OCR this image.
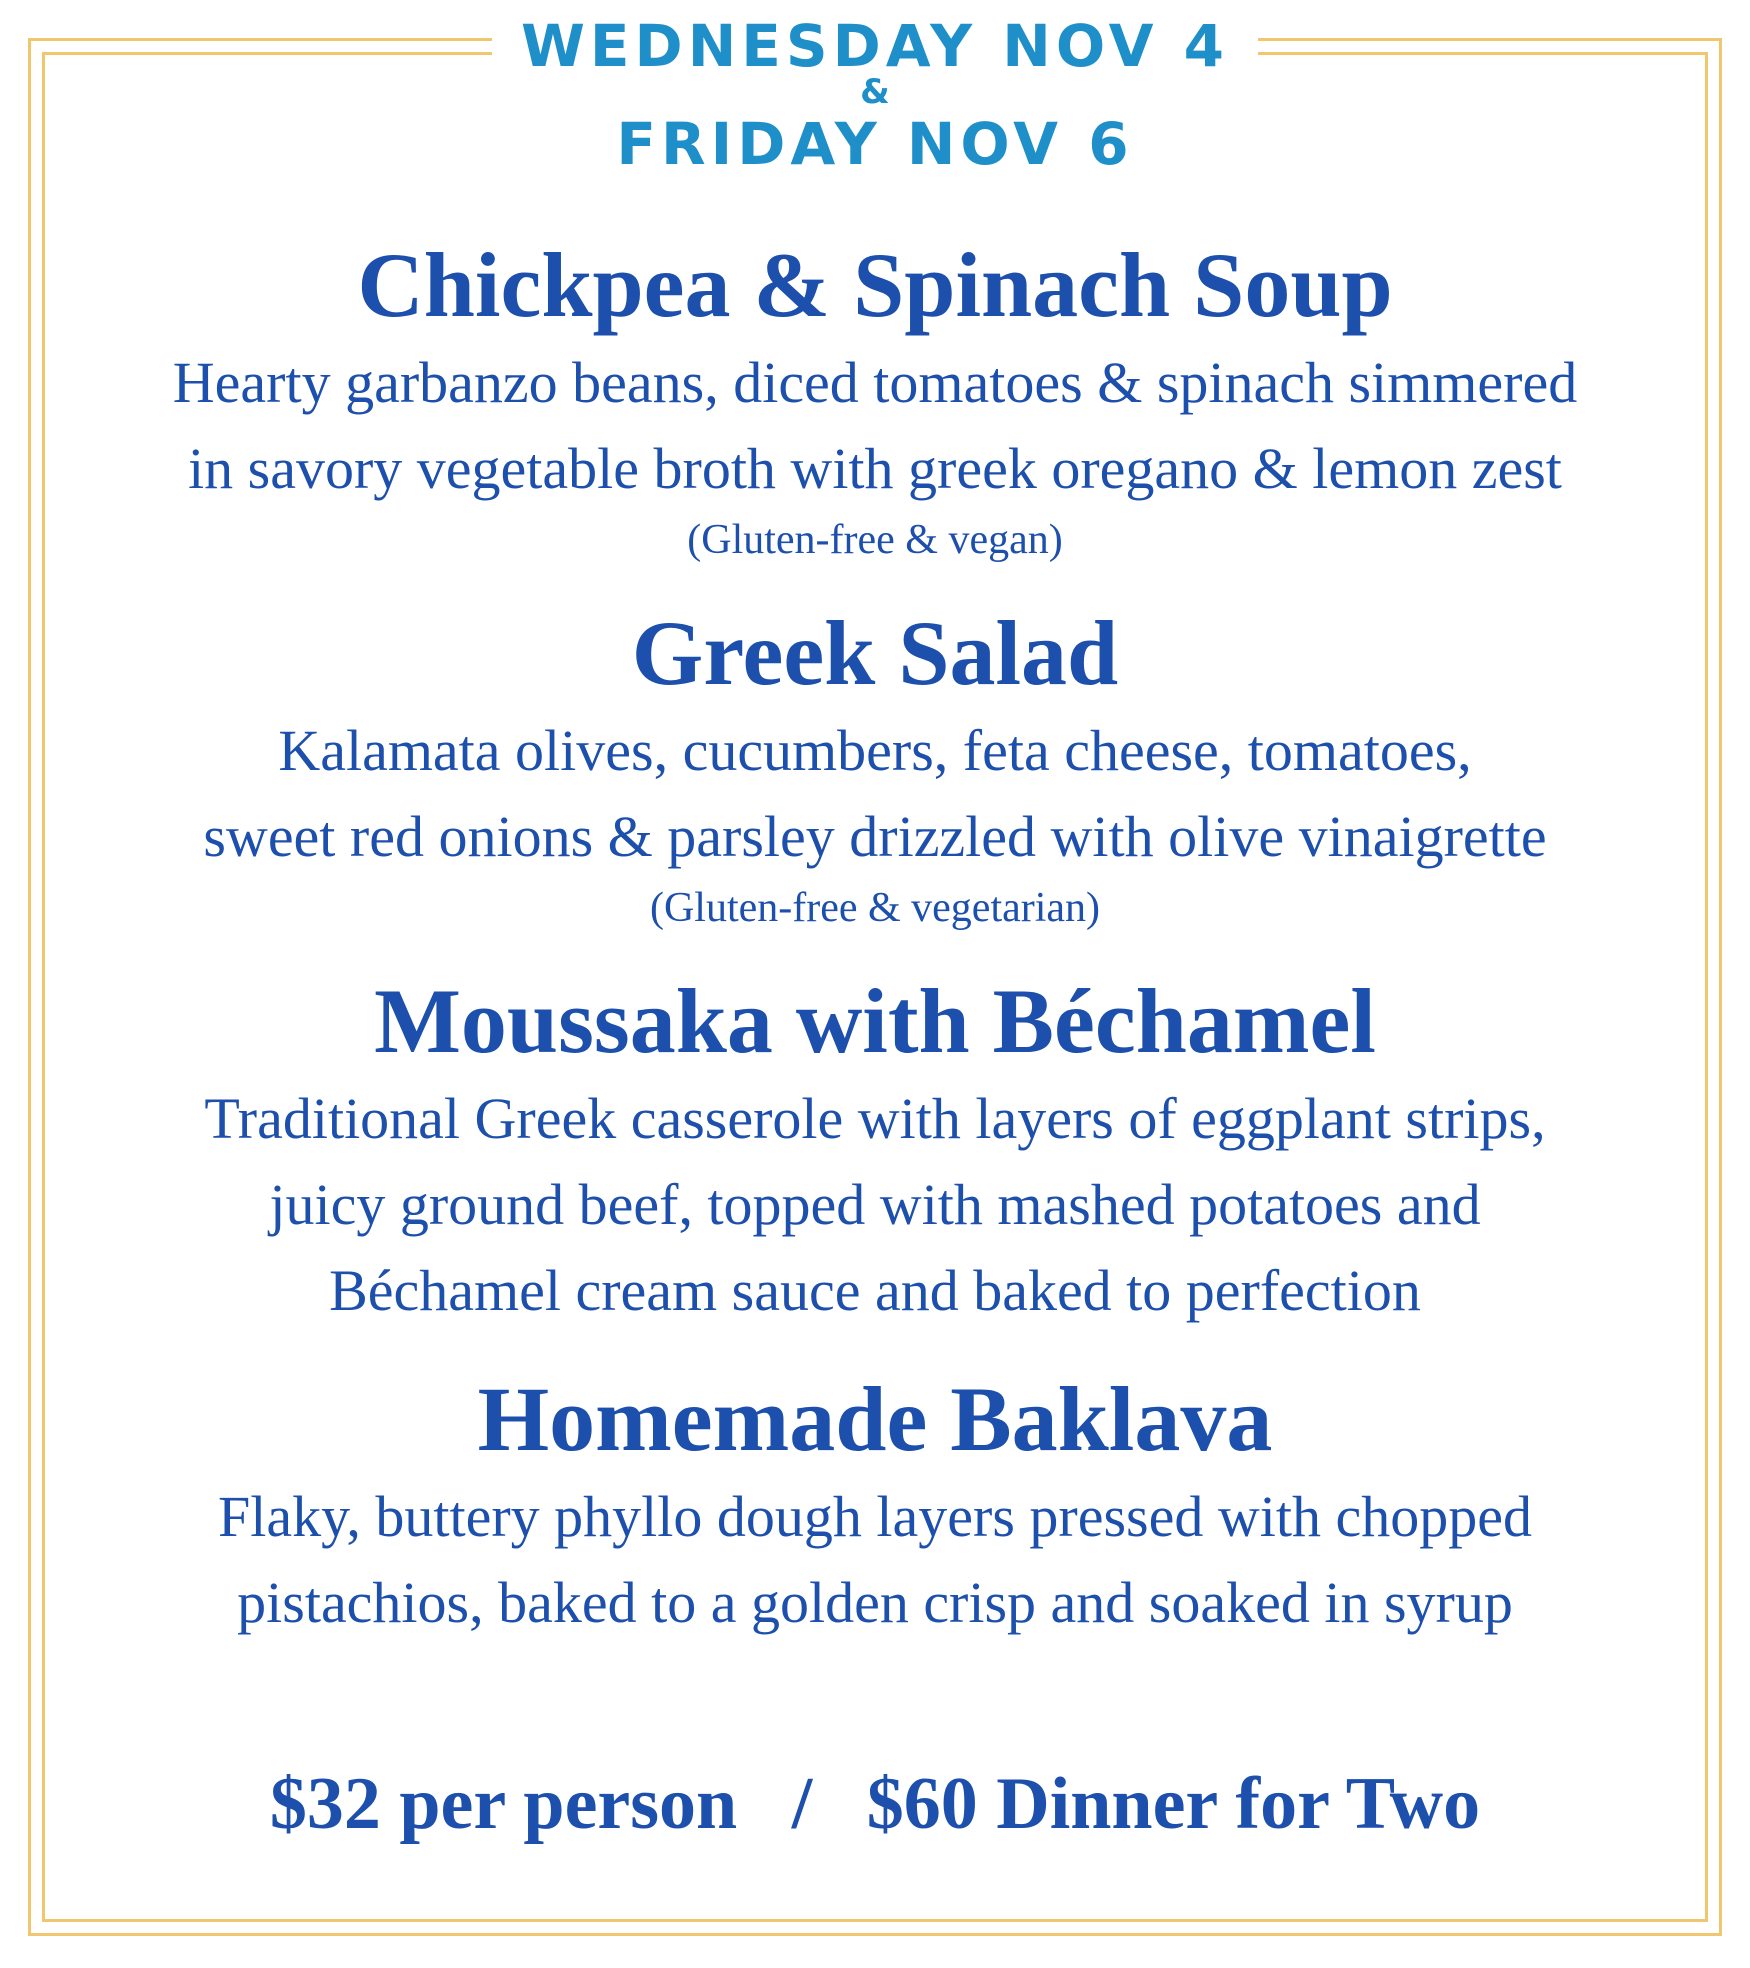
WEDNESDAY NOV 4
&
FRIDAY NOV 6
Chickpea & Spinach Soup

Hearty garbanzo beans, diced tomatoes & spinach simmered

in savory vegetable broth with greek oregano & lemon zest

(Gluten-free & vegan)

Greek Salad

Kalamata olives, cucumbers, feta cheese, tomatoes,

sweet red onions & parsley drizzled with olive vinaigrette

(Gluten-free & vegetarian)

Moussaka with Béchamel

Traditional Greek casserole with layers of eggplant strips,

juicy ground beef, topped with mashed potatoes and

Béchamel cream sauce and baked to perfection

Homemade Baklava

Flaky, buttery phyllo dough layers pressed with chopped

pistachios, baked to a golden crisp and soaked in syrup

$32 per person / $60 Dinner for Two
